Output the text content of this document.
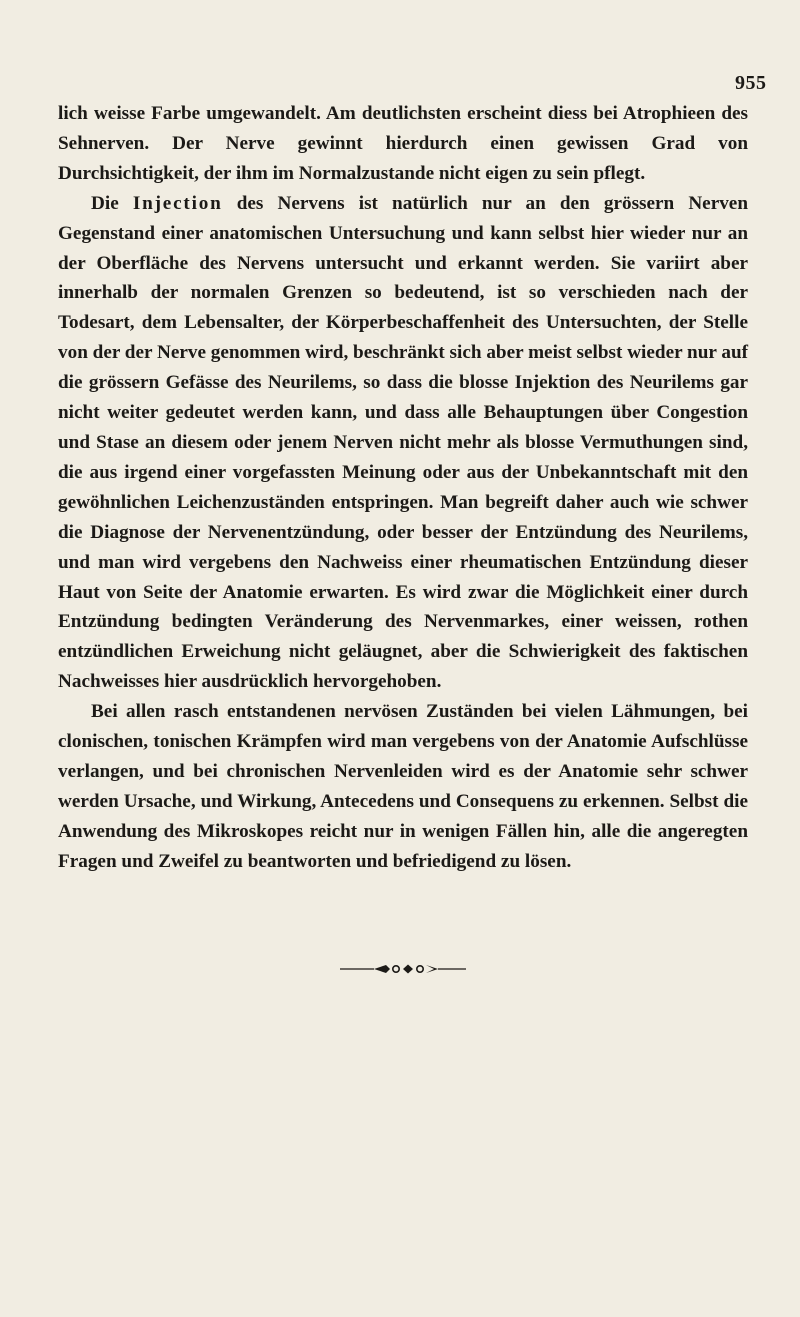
955

lich weisse Farbe umgewandelt. Am deutlichsten erscheint diess bei Atrophieen des Sehnerven. Der Nerve gewinnt hierdurch einen gewissen Grad von Durchsichtigkeit, der ihm im Normalzustande nicht eigen zu sein pflegt.

Die Injection des Nervens ist natürlich nur an den grössern Nerven Gegenstand einer anatomischen Untersuchung und kann selbst hier wieder nur an der Oberfläche des Nervens untersucht und erkannt werden. Sie variirt aber innerhalb der normalen Grenzen so bedeutend, ist so verschieden nach der Todesart, dem Lebensalter, der Körperbeschaffenheit des Untersuchten, der Stelle von der der Nerve genommen wird, beschränkt sich aber meist selbst wieder nur auf die grössern Gefässe des Neurilems, so dass die blosse Injektion des Neurilems gar nicht weiter gedeutet werden kann, und dass alle Behauptungen über Congestion und Stase an diesem oder jenem Nerven nicht mehr als blosse Vermuthungen sind, die aus irgend einer vorgefassten Meinung oder aus der Unbekanntschaft mit den gewöhnlichen Leichenzuständen entspringen. Man begreift daher auch wie schwer die Diagnose der Nervenentzündung, oder besser der Entzündung des Neurilems, und man wird vergebens den Nachweiss einer rheumatischen Entzündung dieser Haut von Seite der Anatomie erwarten. Es wird zwar die Möglichkeit einer durch Entzündung bedingten Veränderung des Nervenmarkes, einer weissen, rothen entzündlichen Erweichung nicht geläugnet, aber die Schwierigkeit des faktischen Nachweisses hier ausdrücklich hervorgehoben.

Bei allen rasch entstandenen nervösen Zuständen bei vielen Lähmungen, bei clonischen, tonischen Krämpfen wird man vergebens von der Anatomie Aufschlüsse verlangen, und bei chronischen Nervenleiden wird es der Anatomie sehr schwer werden Ursache, und Wirkung, Antecedens und Consequens zu erkennen. Selbst die Anwendung des Mikroskopes reicht nur in wenigen Fällen hin, alle die angeregten Fragen und Zweifel zu beantworten und befriedigend zu lösen.
